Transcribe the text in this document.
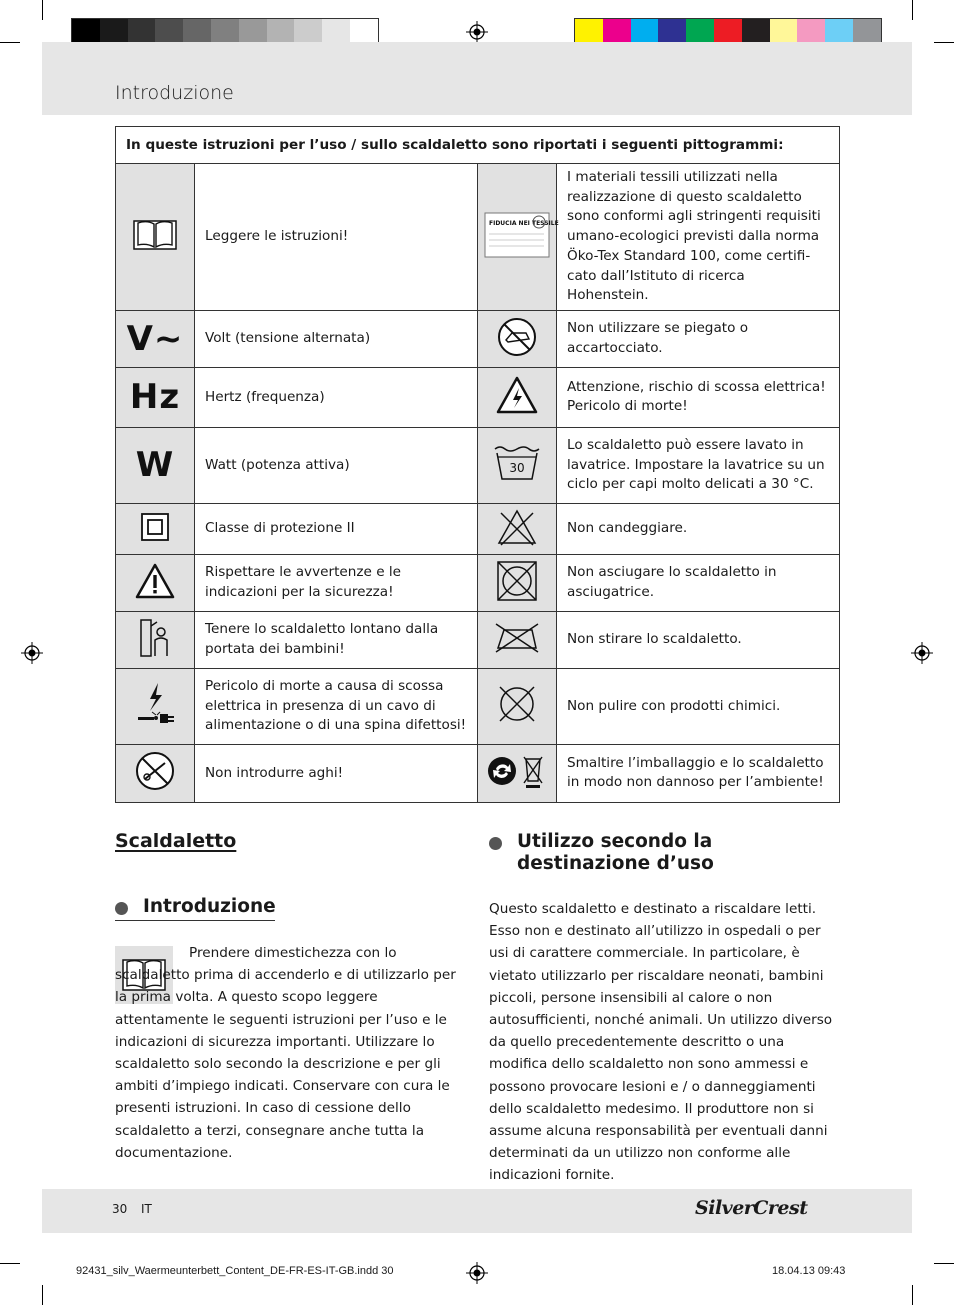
Introduzione
In queste istruzioni per l’uso / sullo scaldaletto sono riportati i seguenti pittogrammi:			
	Leggere le istruzioni!	FIDUCIA NEI TESSILE	I materiali tessili utilizzati nella realizzazione di questo scaldaletto sono conformi agli stringenti requisiti umano-ecologici previsti dalla norma Öko-Tex Standard 100, come certificato dall’Istituto di ricerca Hohenstein.
V~	Volt (tensione alternata)		Non utilizzare se piegato o accartocciato.
Hz	Hertz (frequenza)		Attenzione, rischio di scossa elettrica! Pericolo di morte!
W	Watt (potenza attiva)	30	Lo scaldaletto può essere lavato in lavatrice. Impostare la lavatrice su un ciclo per capi molto delicati a 30 °C.
	Classe di protezione II		Non candeggiare.
	Rispettare le avvertenze e le indicazioni per la sicurezza!		Non asciugare lo scaldaletto in asciugatrice.
	Tenere lo scaldaletto lontano dalla portata dei bambini!		Non stirare lo scaldaletto.
	Pericolo di morte a causa di scossa elettrica in presenza di un cavo di alimentazione o di una spina difettosi!		Non pulire con prodotti chimici.
	Non introdurre aghi!		Smaltire l’imballaggio e lo scaldaletto in modo non dannoso per l’ambiente!
Scaldaletto
Introduzione
Prendere dimestichezza con lo scaldaletto prima di accenderlo e di utilizzarlo per la prima volta. A questo scopo leggere attentamente le seguenti istruzioni per l’uso e le indicazioni di sicurezza importanti. Utilizzare lo scaldaletto solo secondo la descrizione e per gli ambiti d’impiego indicati. Conservare con cura le presenti istruzioni. In caso di cessione dello scaldaletto a terzi, consegnare anche tutta la documentazione.
Utilizzo secondo la destinazione d’uso
Questo scaldaletto e destinato a riscaldare letti. Esso non e destinato all’utilizzo in ospedali o per usi di carattere commerciale. In particolare, è vietato utilizzarlo per riscaldare neonati, bambini piccoli, persone insensibili al calore o non autosufficienti, nonché animali. Un utilizzo diverso da quello precedentemente descritto o una modifica dello scaldaletto non sono ammessi e possono provocare lesioni e / o danneggiamenti dello scaldaletto medesimo. Il produttore non si assume alcuna responsabilità per eventuali danni determinati da un utilizzo non conforme alle indicazioni fornite.
30 IT	SilverCrest
92431_silv_Waermeunterbett_Content_DE-FR-ES-IT-GB.indd 30	18.04.13 09:43
